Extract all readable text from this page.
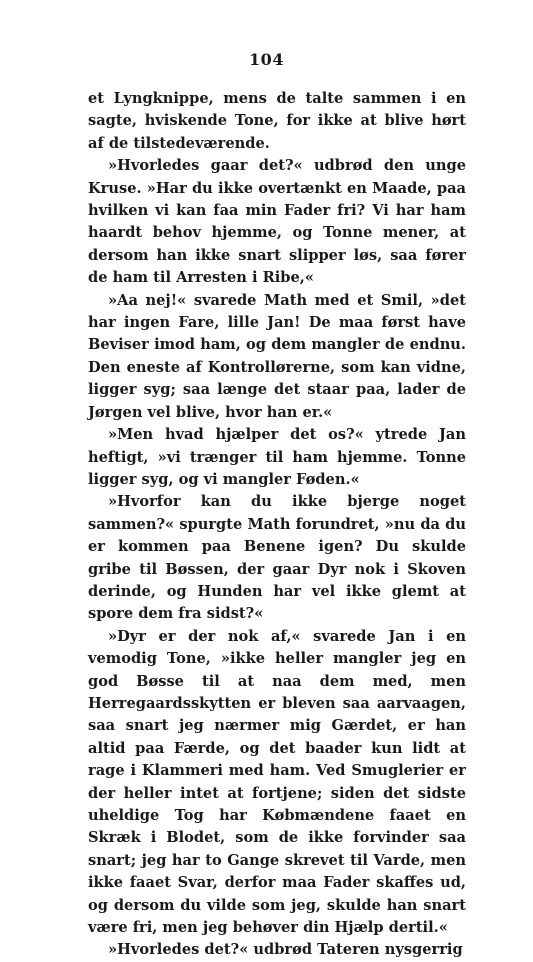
104

et Lyngknippe, mens de talte sammen i en sagte, hviskende Tone, for ikke at blive hørt af de tilstedeværende.

»Hvorledes gaar det?« udbrød den unge Kruse. »Har du ikke overtænkt en Maade, paa hvilken vi kan faa min Fader fri? Vi har ham haardt behov hjemme, og Tonne mener, at dersom han ikke snart slipper løs, saa fører de ham til Arresten i Ribe,«

»Aa nej!« svarede Math med et Smil, »det har ingen Fare, lille Jan! De maa først have Beviser imod ham, og dem mangler de endnu. Den eneste af Kontrollørerne, som kan vidne, ligger syg; saa længe det staar paa, lader de Jørgen vel blive, hvor han er.«

»Men hvad hjælper det os?« ytrede Jan heftigt, »vi trænger til ham hjemme. Tonne ligger syg, og vi mangler Føden.«

»Hvorfor kan du ikke bjerge noget sammen?« spurgte Math forundret, »nu da du er kommen paa Benene igen? Du skulde gribe til Bøssen, der gaar Dyr nok i Skoven derinde, og Hunden har vel ikke glemt at spore dem fra sidst?«

»Dyr er der nok af,« svarede Jan i en vemodig Tone, »ikke heller mangler jeg en god Bøsse til at naa dem med, men Herregaardsskytten er bleven saa aarvaagen, saa snart jeg nærmer mig Gærdet, er han altid paa Færde, og det baader kun lidt at rage i Klammeri med ham. Ved Smuglerier er der heller intet at fortjene; siden det sidste uheldige Tog har Købmændene faaet en Skræk i Blodet, som de ikke forvinder saa snart; jeg har to Gange skrevet til Varde, men ikke faaet Svar, derfor maa Fader skaffes ud, og dersom du vilde som jeg, skulde han snart være fri, men jeg behøver din Hjælp dertil.«

»Hvorledes det?« udbrød Tateren nysgerrig
